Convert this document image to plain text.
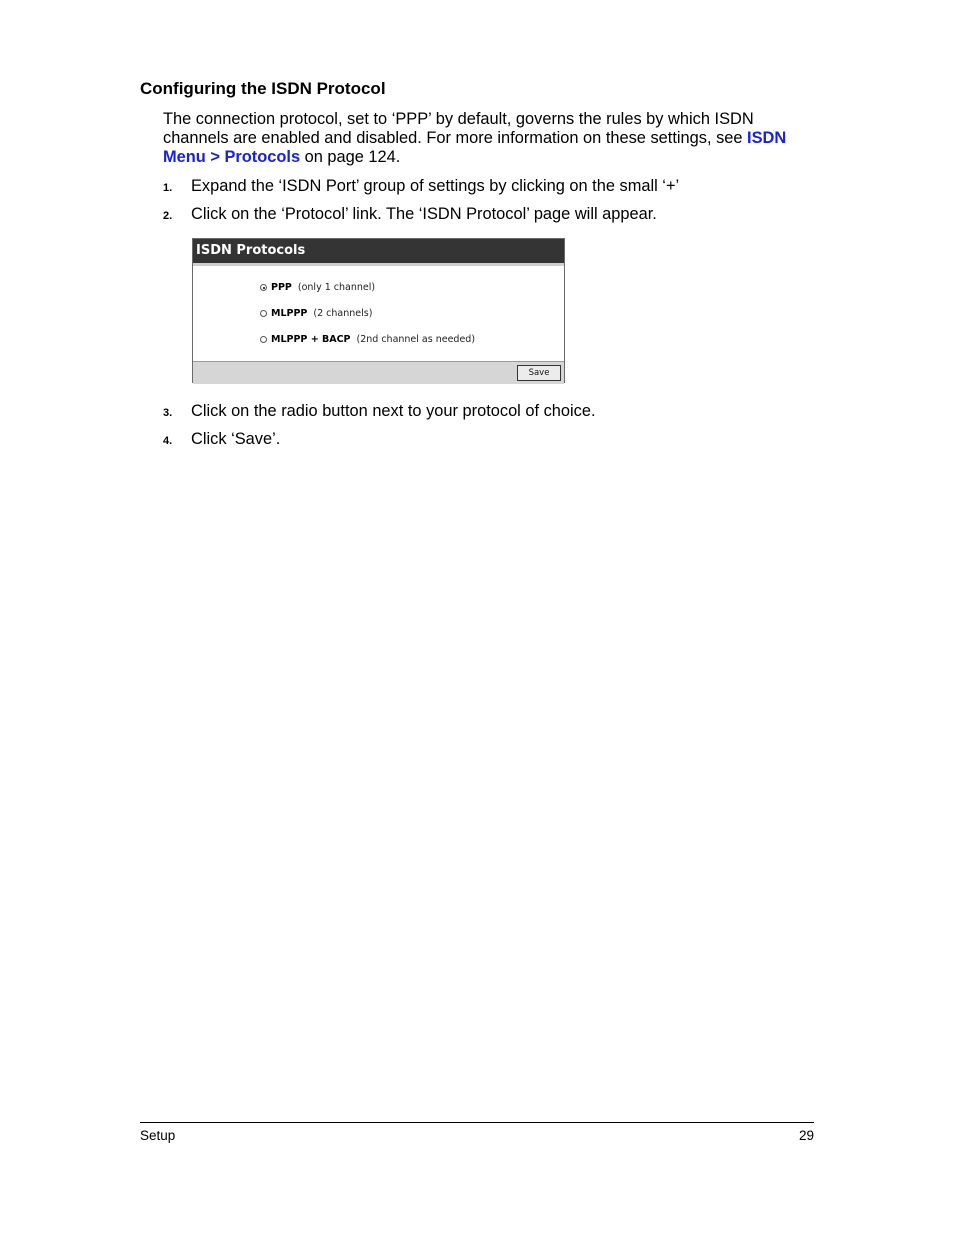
Configuring the ISDN Protocol
The connection protocol, set to ‘PPP’ by default, governs the rules by which ISDN channels are enabled and disabled. For more information on these settings, see ISDN Menu > Protocols on page 124.
1. Expand the ‘ISDN Port’ group of settings by clicking on the small ‘+’
2. Click on the ‘Protocol’ link. The ‘ISDN Protocol’ page will appear.
ISDN Protocols
PPP (only 1 channel)
MLPPP (2 channels)
MLPPP + BACP (2nd channel as needed)
Save
3. Click on the radio button next to your protocol of choice.
4. Click ‘Save’.
Setup	29
